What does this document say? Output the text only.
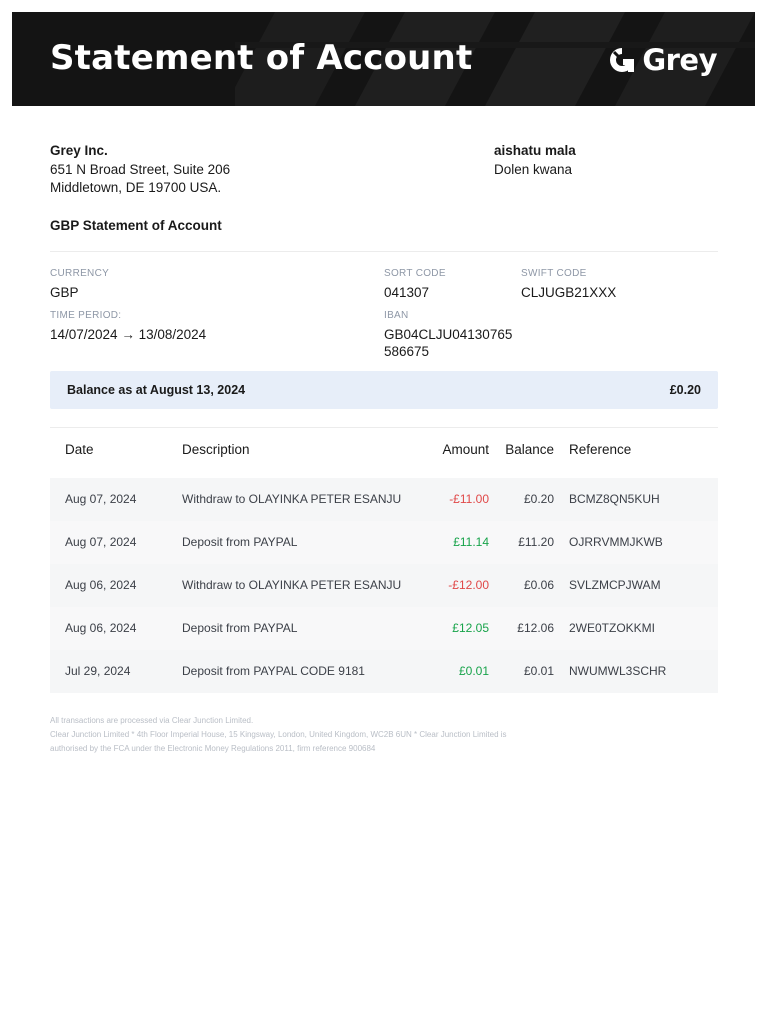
Statement of Account	Grey
Grey Inc.
651 N Broad Street, Suite 206
Middletown, DE 19700 USA.
aishatu mala
Dolen kwana
GBP Statement of Account
CURRENCY
GBP
SORT CODE
041307
SWIFT CODE
CLJUGB21XXX
TIME PERIOD:
14/07/2024 → 13/08/2024
IBAN
GB04CLJU04130765
586675
Balance as at August 13, 2024	£0.20
Date	Description	Amount Balance Reference
Aug 07, 2024	Withdraw to OLAYINKA PETER ESANJU	-£11.00	£0.20 BCMZ8QN5KUH
Aug 07, 2024	Deposit from PAYPAL	£11.14 £11.20 OJRRVMMJKWB
Aug 06, 2024	Withdraw to OLAYINKA PETER ESANJU	-£12.00	£0.06 SVLZMCPJWAM
Aug 06, 2024	Deposit from PAYPAL	£12.05 £12.06 2WE0TZOKKMI
Jul 29, 2024	Deposit from PAYPAL CODE 9181	£0.01	£0.01 NWUMWL3SCHR
All transactions are processed via Clear Junction Limited.
Clear Junction Limited * 4th Floor Imperial House, 15 Kingsway, London, United Kingdom, WC2B 6UN * Clear Junction Limited is authorised by the FCA under the Electronic Money Regulations 2011, firm reference 900684
